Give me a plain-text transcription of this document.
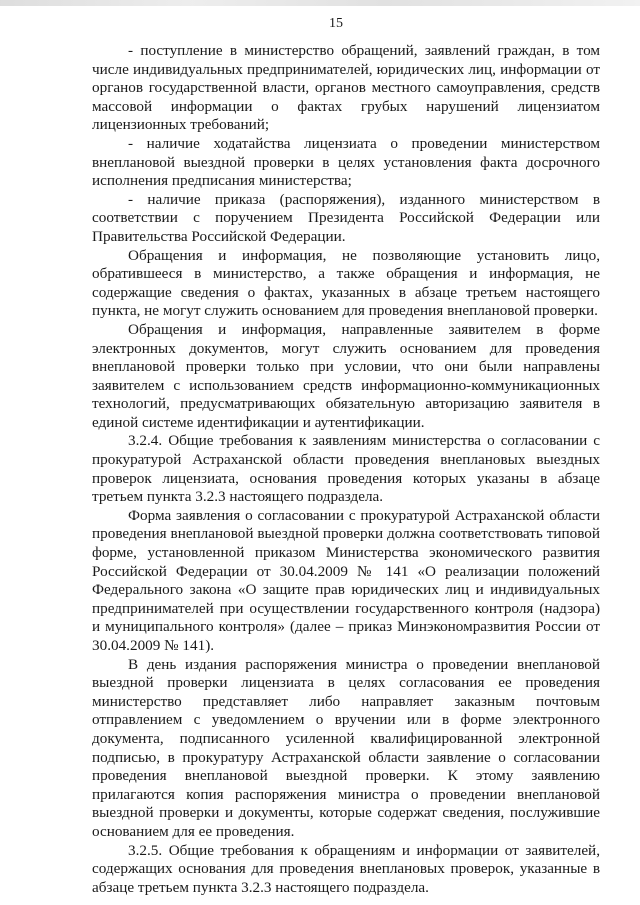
15

- поступление в министерство обращений, заявлений граждан, в том числе индивидуальных предпринимателей, юридических лиц, информации от органов государственной власти, органов местного самоуправления, средств массовой информации о фактах грубых нарушений лицензиатом лицензионных требований;

- наличие ходатайства лицензиата о проведении министерством внеплановой выездной проверки в целях установления факта досрочного исполнения предписания министерства;

- наличие приказа (распоряжения), изданного министерством в соответствии с поручением Президента Российской Федерации или Правительства Российской Федерации.

Обращения и информация, не позволяющие установить лицо, обратившееся в министерство, а также обращения и информация, не содержащие сведения о фактах, указанных в абзаце третьем настоящего пункта, не могут служить основанием для проведения внеплановой проверки.

Обращения и информация, направленные заявителем в форме электронных документов, могут служить основанием для проведения внеплановой проверки только при условии, что они были направлены заявителем с использованием средств информационно-коммуникационных технологий, предусматривающих обязательную авторизацию заявителя в единой системе идентификации и аутентификации.

3.2.4. Общие требования к заявлениям министерства о согласовании с прокуратурой Астраханской области проведения внеплановых выездных проверок лицензиата, основания проведения которых указаны в абзаце третьем пункта 3.2.3 настоящего подраздела.

Форма заявления о согласовании с прокуратурой Астраханской области проведения внеплановой выездной проверки должна соответствовать типовой форме, установленной приказом Министерства экономического развития Российской Федерации от 30.04.2009 № 141 «О реализации положений Федерального закона «О защите прав юридических лиц и индивидуальных предпринимателей при осуществлении государственного контроля (надзора) и муниципального контроля» (далее – приказ Минэкономразвития России от 30.04.2009 № 141).

В день издания распоряжения министра о проведении внеплановой выездной проверки лицензиата в целях согласования ее проведения министерство представляет либо направляет заказным почтовым отправлением с уведомлением о вручении или в форме электронного документа, подписанного усиленной квалифицированной электронной подписью, в прокуратуру Астраханской области заявление о согласовании проведения внеплановой выездной проверки. К этому заявлению прилагаются копия распоряжения министра о проведении внеплановой выездной проверки и документы, которые содержат сведения, послужившие основанием для ее проведения.

3.2.5. Общие требования к обращениям и информации от заявителей, содержащих основания для проведения внеплановых проверок, указанные в абзаце третьем пункта 3.2.3 настоящего подраздела.
